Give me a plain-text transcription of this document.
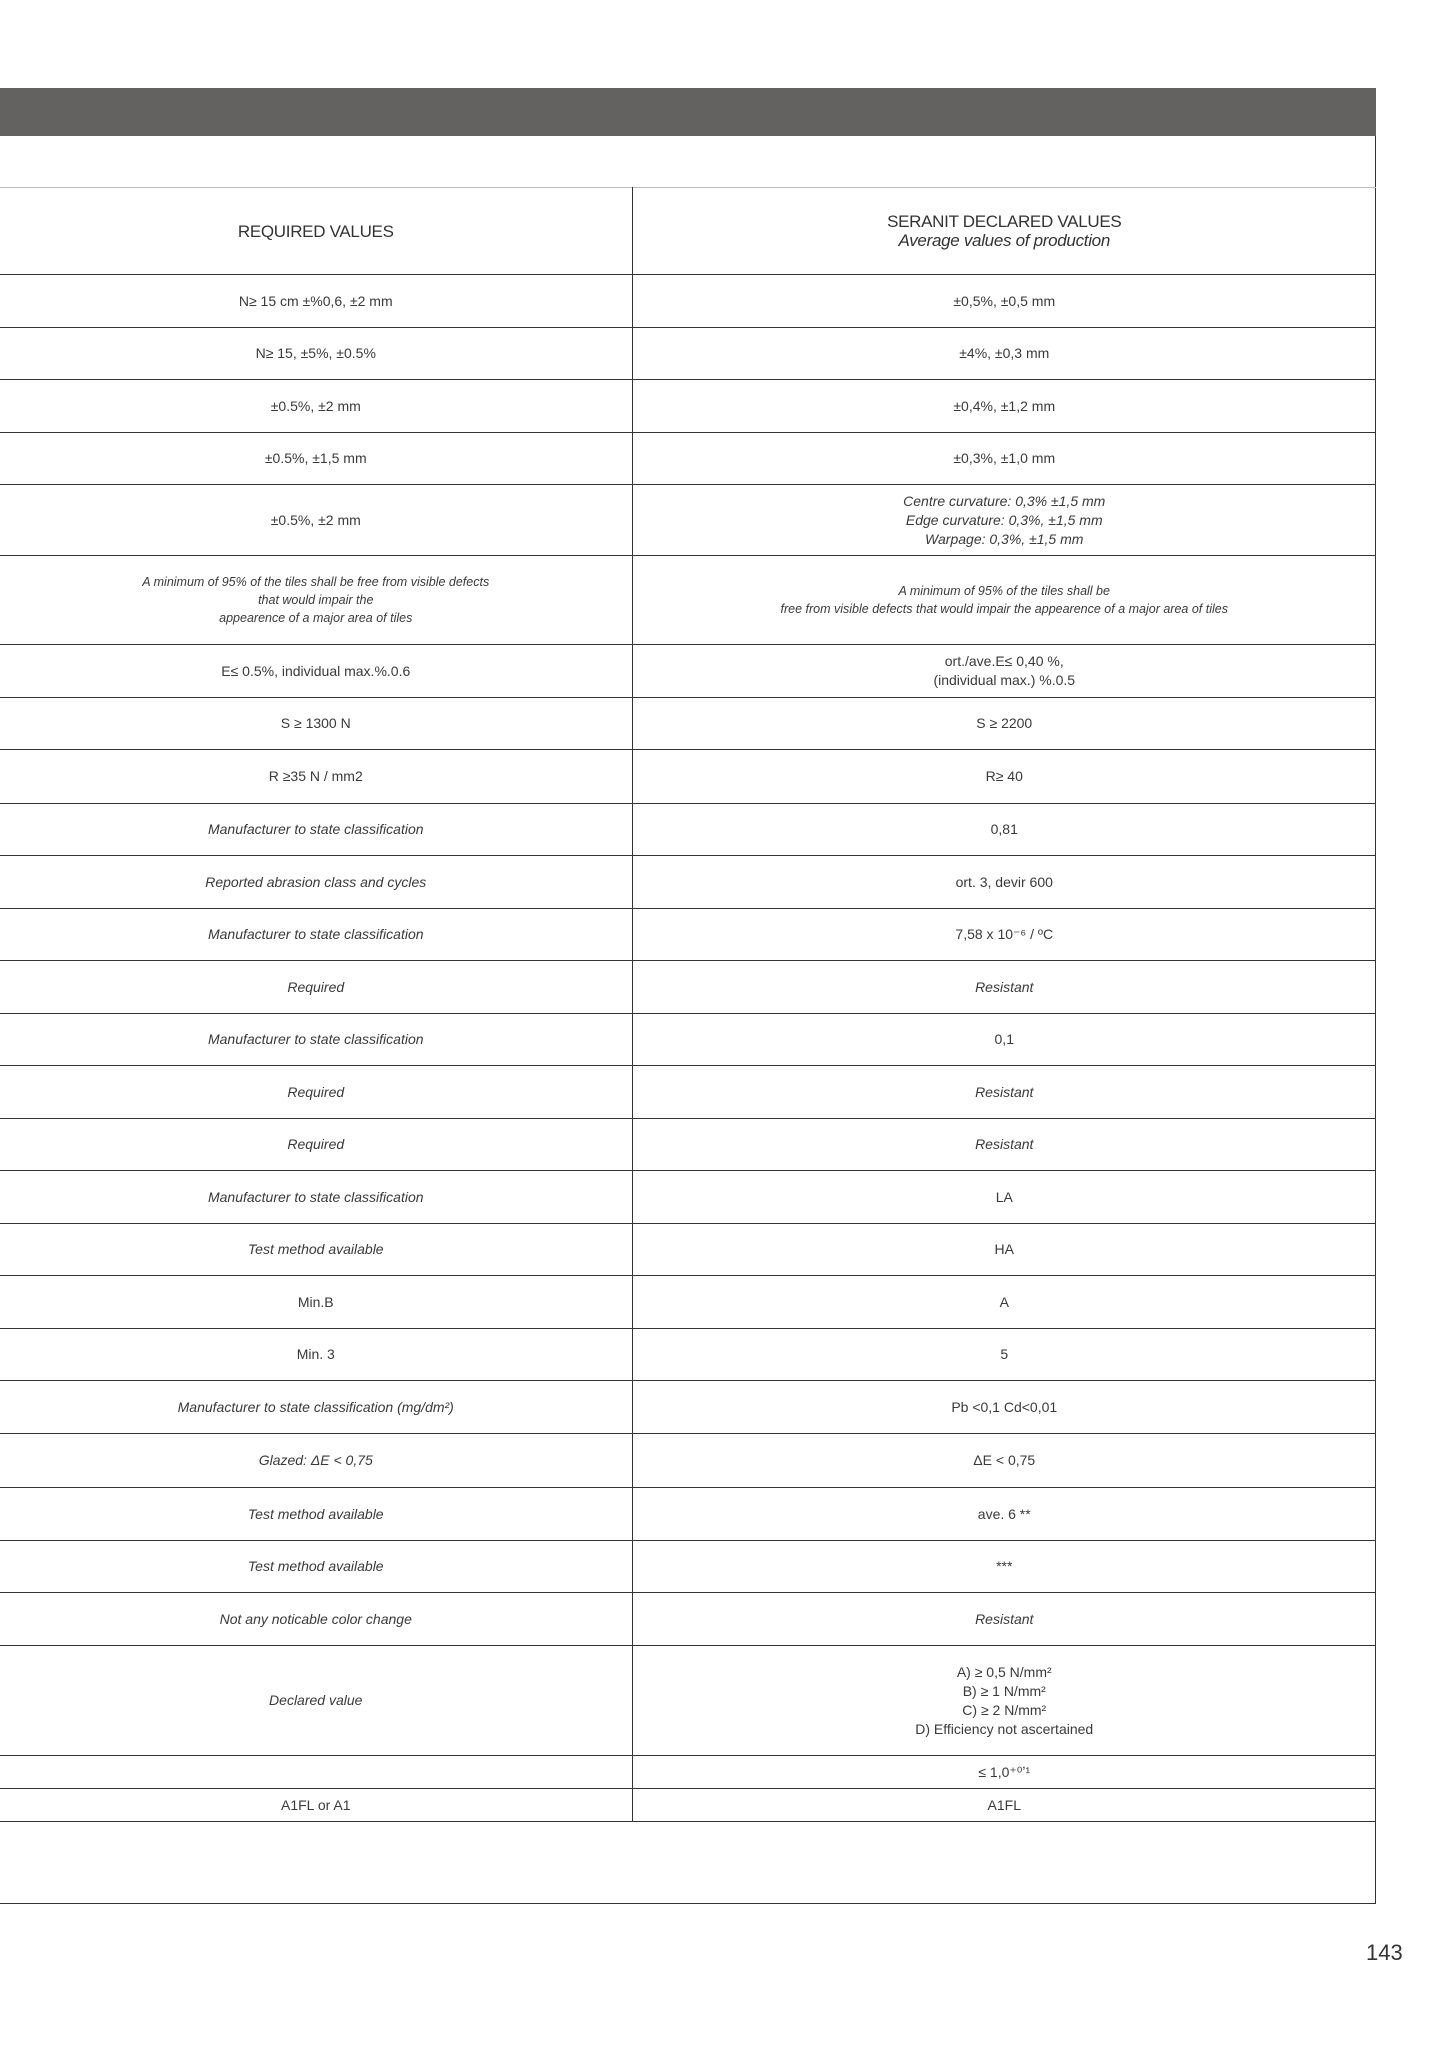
REQUIRED VALUES	SERANIT DECLARED VALUES
Average values of production

N≥ 15 cm ±%0,6, ±2 mm	±0,5%, ±0,5 mm

N≥ 15, ±5%, ±0.5%	±4%, ±0,3 mm

±0.5%, ±2 mm	±0,4%, ±1,2 mm

±0.5%, ±1,5 mm	±0,3%, ±1,0 mm

±0.5%, ±2 mm	Centre curvature: 0,3% ±1,5 mm
Edge curvature: 0,3%, ±1,5 mm
Warpage: 0,3%, ±1,5 mm

A minimum of 95% of the tiles shall be free from visible defects
that would impair the
appearence of a major area of tiles	A minimum of 95% of the tiles shall be
free from visible defects that would impair the appearence of a major area of tiles

E≤ 0.5%, individual max.%.0.6	ort./ave.E≤ 0,40 %,
(individual max.) %.0.5

S ≥ 1300 N	S ≥ 2200

R ≥35 N / mm2	R≥ 40

Manufacturer to state classification	0,81

Reported abrasion class and cycles	ort. 3, devir 600

Manufacturer to state classification	7,58 x 10⁻⁶ / ºC

Required	Resistant

Manufacturer to state classification	0,1

Required	Resistant

Required	Resistant

Manufacturer to state classification	LA

Test method available	HA

Min.B	A

Min. 3	5

Manufacturer to state classification (mg/dm²)	Pb <0,1 Cd<0,01

Glazed: ΔE < 0,75	ΔE < 0,75

Test method available	ave. 6 **

Test method available	***

Not any noticable color change	Resistant

Declared value	A) ≥ 0,5 N/mm²
B) ≥ 1 N/mm²
C) ≥ 2 N/mm²
D) Efficiency not ascertained

	≤ 1,0⁺⁰ʼ¹

A1FL or A1	A1FL
143
